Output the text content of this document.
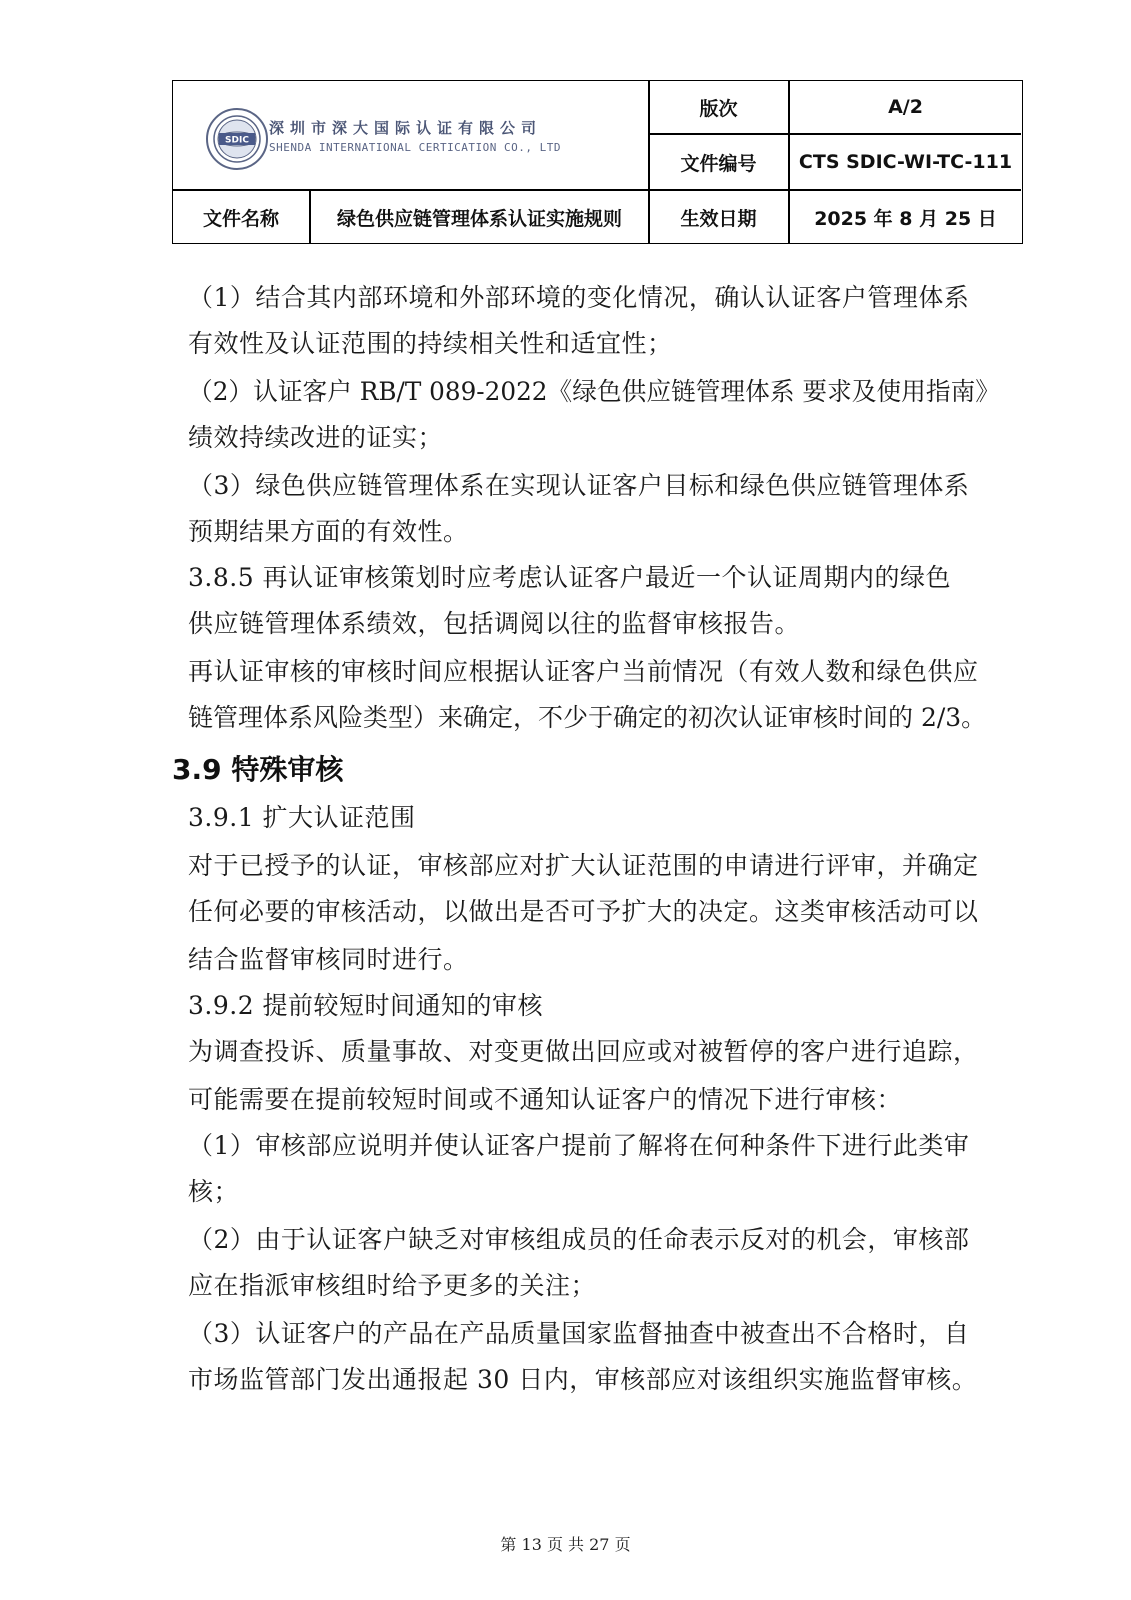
SDIC
深圳市深大国际认证有限公司
SHENDA INTERNATIONAL CERTICATION CO., LTD
版次	A/2
文件编号	CTS SDIC-WI-TC-111
文件名称	绿色供应链管理体系认证实施规则	生效日期	2025 年 8 月 25 日
（1）结合其内部环境和外部环境的变化情况，确认认证客户管理体系
有效性及认证范围的持续相关性和适宜性；
（2）认证客户 RB/T 089-2022《绿色供应链管理体系 要求及使用指南》
绩效持续改进的证实；
（3）绿色供应链管理体系在实现认证客户目标和绿色供应链管理体系
预期结果方面的有效性。
3.8.5 再认证审核策划时应考虑认证客户最近一个认证周期内的绿色
供应链管理体系绩效，包括调阅以往的监督审核报告。
再认证审核的审核时间应根据认证客户当前情况（有效人数和绿色供应
链管理体系风险类型）来确定，不少于确定的初次认证审核时间的 2/3。
3.9 特殊审核
3.9.1 扩大认证范围
对于已授予的认证，审核部应对扩大认证范围的申请进行评审，并确定
任何必要的审核活动，以做出是否可予扩大的决定。这类审核活动可以
结合监督审核同时进行。
3.9.2 提前较短时间通知的审核
为调查投诉、质量事故、对变更做出回应或对被暂停的客户进行追踪，
可能需要在提前较短时间或不通知认证客户的情况下进行审核：
（1）审核部应说明并使认证客户提前了解将在何种条件下进行此类审
核；
（2）由于认证客户缺乏对审核组成员的任命表示反对的机会，审核部
应在指派审核组时给予更多的关注；
（3）认证客户的产品在产品质量国家监督抽查中被查出不合格时，自
市场监管部门发出通报起 30 日内，审核部应对该组织实施监督审核。
第 13 页 共 27 页
